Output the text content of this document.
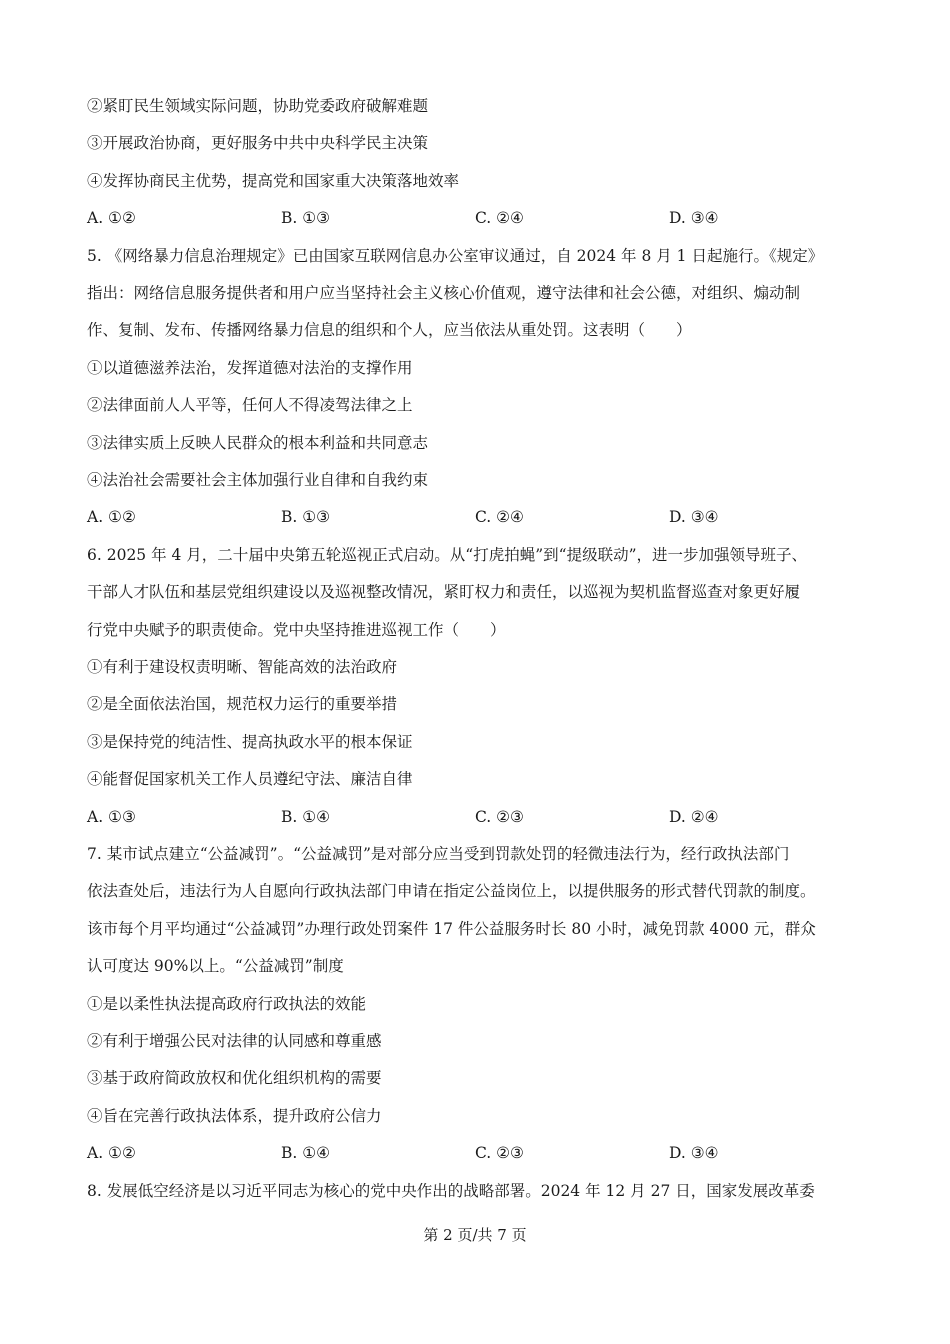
②紧盯民生领域实际问题，协助党委政府破解难题
③开展政治协商，更好服务中共中央科学民主决策
④发挥协商民主优势，提高党和国家重大决策落地效率
A. ①②	B. ①③	C. ②④	D. ③④
5. 《网络暴力信息治理规定》已由国家互联网信息办公室审议通过，自 2024 年 8 月 1 日起施行。《规定》
指出：网络信息服务提供者和用户应当坚持社会主义核心价值观，遵守法律和社会公德，对组织、煽动制
作、复制、发布、传播网络暴力信息的组织和个人，应当依法从重处罚。这表明（　　）
①以道德滋养法治，发挥道德对法治的支撑作用
②法律面前人人平等，任何人不得凌驾法律之上
③法律实质上反映人民群众的根本利益和共同意志
④法治社会需要社会主体加强行业自律和自我约束
A. ①②	B. ①③	C. ②④	D. ③④
6. 2025 年 4 月，二十届中央第五轮巡视正式启动。从“打虎拍蝇”到“提级联动”，进一步加强领导班子、
干部人才队伍和基层党组织建设以及巡视整改情况，紧盯权力和责任，以巡视为契机监督巡查对象更好履
行党中央赋予的职责使命。党中央坚持推进巡视工作（　　）
①有利于建设权责明晰、智能高效的法治政府
②是全面依法治国，规范权力运行的重要举措
③是保持党的纯洁性、提高执政水平的根本保证
④能督促国家机关工作人员遵纪守法、廉洁自律
A. ①③	B. ①④	C. ②③	D. ②④
7. 某市试点建立“公益减罚”。“公益减罚”是对部分应当受到罚款处罚的轻微违法行为，经行政执法部门
依法查处后，违法行为人自愿向行政执法部门申请在指定公益岗位上，以提供服务的形式替代罚款的制度。
该市每个月平均通过“公益减罚”办理行政处罚案件 17 件公益服务时长 80 小时，减免罚款 4000 元，群众
认可度达 90%以上。“公益减罚”制度
①是以柔性执法提高政府行政执法的效能
②有利于增强公民对法律的认同感和尊重感
③基于政府简政放权和优化组织机构的需要
④旨在完善行政执法体系，提升政府公信力
A. ①②	B. ①④	C. ②③	D. ③④
8. 发展低空经济是以习近平同志为核心的党中央作出的战略部署。2024 年 12 月 27 日，国家发展改革委
第 2 页/共 7 页
